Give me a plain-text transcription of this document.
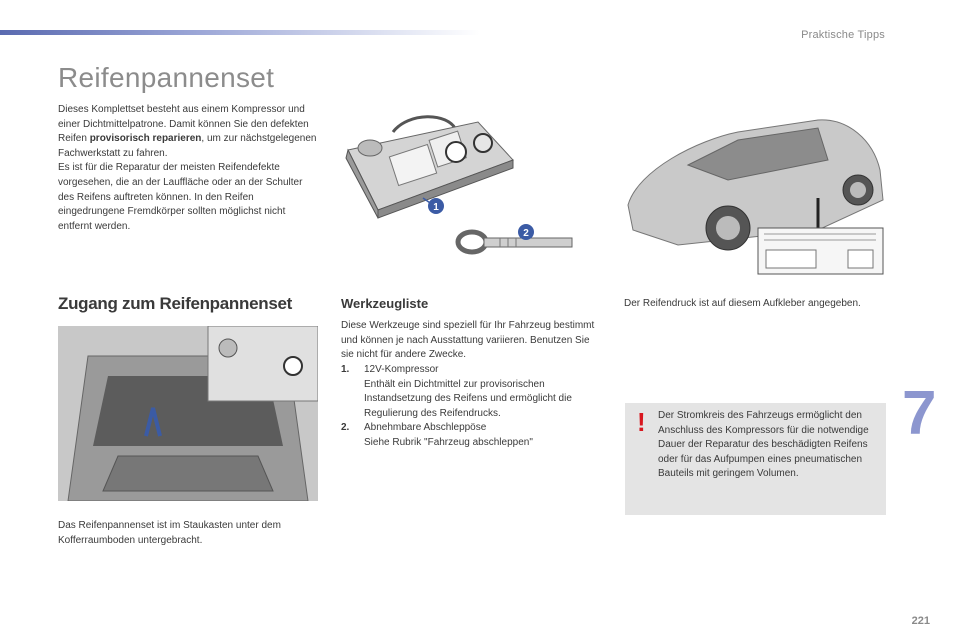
Praktische Tipps
Reifenpannenset

Dieses Komplettset besteht aus einem Kompressor und einer Dichtmittelpatrone. Damit können Sie den defekten Reifen provisorisch reparieren, um zur nächstgelegenen Fachwerkstatt zu fahren.
Es ist für die Reparatur der meisten Reifendefekte vorgesehen, die an der Lauffläche oder an der Schulter des Reifens auftreten können. In den Reifen eingedrungene Fremdkörper sollten möglichst nicht entfernt werden.

1
2
Der Reifendruck ist auf diesem Aufkleber angegeben.
Zugang zum Reifenpannenset
Das Reifenpannenset ist im Staukasten unter dem Kofferraumboden untergebracht.
Werkzeugliste

Diese Werkzeuge sind speziell für Ihr Fahrzeug bestimmt und können je nach Ausstattung variieren. Benutzen Sie sie nicht für andere Zwecke.

1.	12V-Kompressor
Enthält ein Dichtmittel zur provisorischen Instandsetzung des Reifens und ermöglicht die Regulierung des Reifendrucks.
2.	Abnehmbare Abschleppöse
Siehe Rubrik "Fahrzeug abschleppen"
! Der Stromkreis des Fahrzeugs ermöglicht den Anschluss des Kompressors für die notwendige Dauer der Reparatur des beschädigten Reifens oder für das Aufpumpen eines pneumatischen Bauteils mit geringem Volumen.
7
221
